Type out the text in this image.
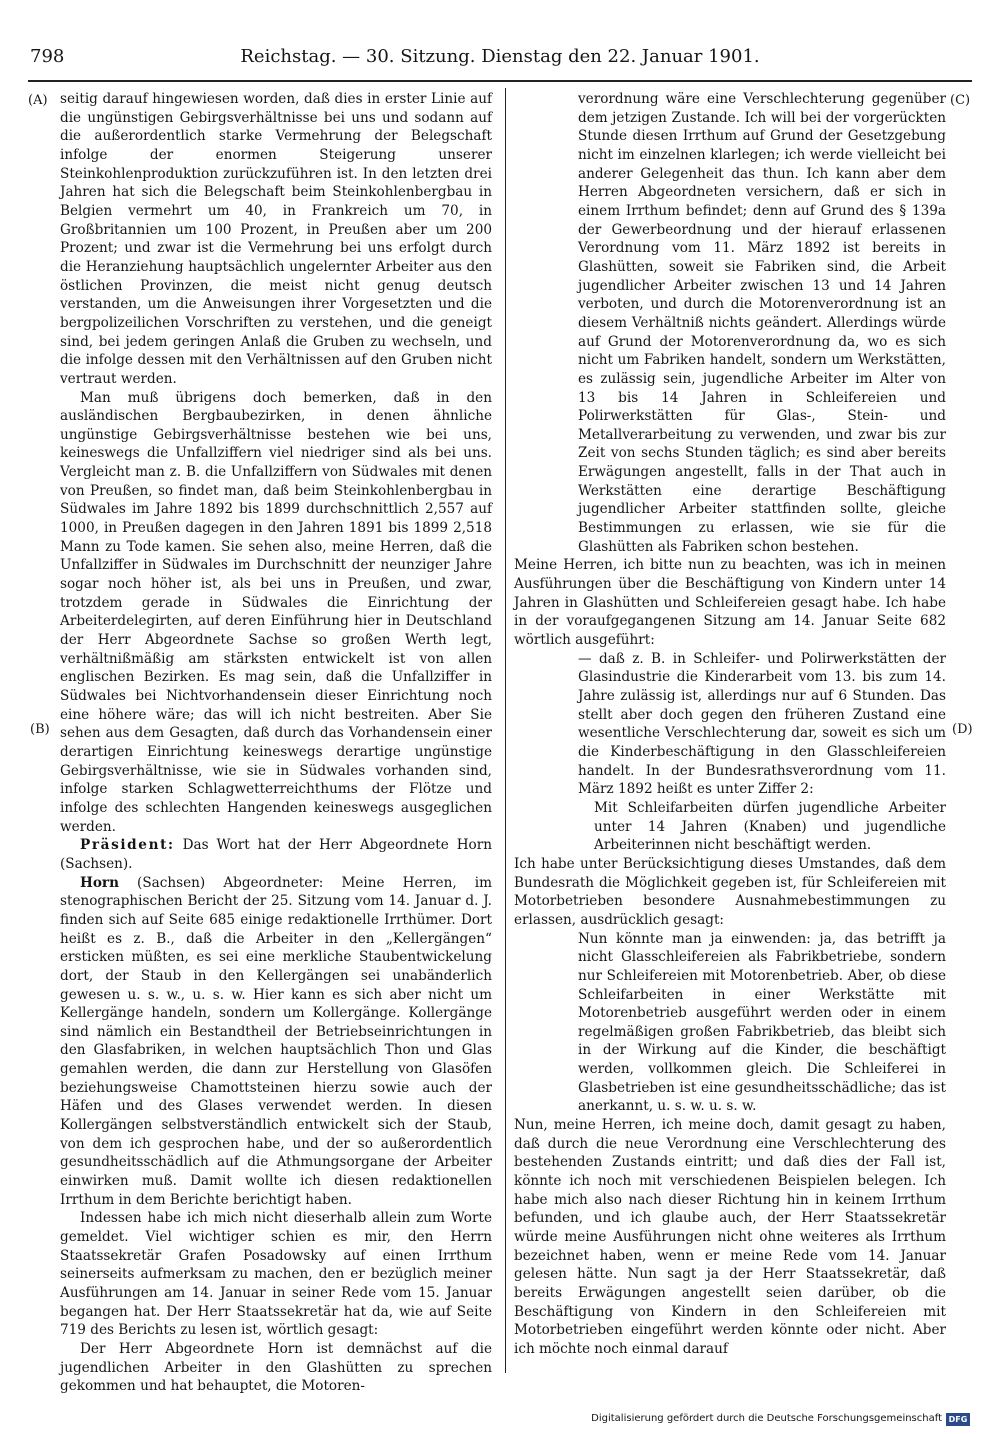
798	Reichstag. — 30. Sitzung. Dienstag den 22. Januar 1901.
(A)
(B)
(C)
(D)

seitig darauf hingewiesen worden, daß dies in erster Linie auf die ungünstigen Gebirgsverhältnisse bei uns und sodann auf die außerordentlich starke Vermehrung der Belegschaft infolge der enormen Steigerung unserer Steinkohlenproduktion zurückzuführen ist. In den letzten drei Jahren hat sich die Belegschaft beim Steinkohlenbergbau in Belgien vermehrt um 40, in Frankreich um 70, in Großbritannien um 100 Prozent, in Preußen aber um 200 Prozent; und zwar ist die Vermehrung bei uns erfolgt durch die Heranziehung hauptsächlich ungelernter Arbeiter aus den östlichen Provinzen, die meist nicht genug deutsch verstanden, um die Anweisungen ihrer Vorgesetzten und die bergpolizeilichen Vorschriften zu verstehen, und die geneigt sind, bei jedem geringen Anlaß die Gruben zu wechseln, und die infolge dessen mit den Verhältnissen auf den Gruben nicht vertraut werden.

Man muß übrigens doch bemerken, daß in den ausländischen Bergbaubezirken, in denen ähnliche ungünstige Gebirgsverhältnisse bestehen wie bei uns, keineswegs die Unfallziffern viel niedriger sind als bei uns. Vergleicht man z. B. die Unfallziffern von Südwales mit denen von Preußen, so findet man, daß beim Steinkohlenbergbau in Südwales im Jahre 1892 bis 1899 durchschnittlich 2,557 auf 1000, in Preußen dagegen in den Jahren 1891 bis 1899 2,518 Mann zu Tode kamen. Sie sehen also, meine Herren, daß die Unfallziffer in Südwales im Durchschnitt der neunziger Jahre sogar noch höher ist, als bei uns in Preußen, und zwar, trotzdem gerade in Südwales die Einrichtung der Arbeiterdelegirten, auf deren Einführung hier in Deutschland der Herr Abgeordnete Sachse so großen Werth legt, verhältnißmäßig am stärksten entwickelt ist von allen englischen Bezirken. Es mag sein, daß die Unfallziffer in Südwales bei Nichtvorhandensein dieser Einrichtung noch eine höhere wäre; das will ich nicht bestreiten. Aber Sie sehen aus dem Gesagten, daß durch das Vorhandensein einer derartigen Einrichtung keineswegs derartige ungünstige Gebirgsverhältnisse, wie sie in Südwales vorhanden sind, infolge starken Schlagwetterreichthums der Flötze und infolge des schlechten Hangenden keineswegs ausgeglichen werden.

Präsident: Das Wort hat der Herr Abgeordnete Horn (Sachsen).

Horn (Sachsen) Abgeordneter: Meine Herren, im stenographischen Bericht der 25. Sitzung vom 14. Januar d. J. finden sich auf Seite 685 einige redaktionelle Irrthümer. Dort heißt es z. B., daß die Arbeiter in den „Kellergängen“ ersticken müßten, es sei eine merkliche Staubentwickelung dort, der Staub in den Kellergängen sei unabänderlich gewesen u. s. w., u. s. w. Hier kann es sich aber nicht um Kellergänge handeln, sondern um Kollergänge. Kollergänge sind nämlich ein Bestandtheil der Betriebseinrichtungen in den Glasfabriken, in welchen hauptsächlich Thon und Glas gemahlen werden, die dann zur Herstellung von Glasöfen beziehungsweise Chamottsteinen hierzu sowie auch der Häfen und des Glases verwendet werden. In diesen Kollergängen selbstverständlich entwickelt sich der Staub, von dem ich gesprochen habe, und der so außerordentlich gesundheitsschädlich auf die Athmungsorgane der Arbeiter einwirken muß. Damit wollte ich diesen redaktionellen Irrthum in dem Berichte berichtigt haben.

Indessen habe ich mich nicht dieserhalb allein zum Worte gemeldet. Viel wichtiger schien es mir, den Herrn Staatssekretär Grafen Posadowsky auf einen Irrthum seinerseits aufmerksam zu machen, den er bezüglich meiner Ausführungen am 14. Januar in seiner Rede vom 15. Januar begangen hat. Der Herr Staatssekretär hat da, wie auf Seite 719 des Berichts zu lesen ist, wörtlich gesagt:

Der Herr Abgeordnete Horn ist demnächst auf die jugendlichen Arbeiter in den Glashütten zu sprechen gekommen und hat behauptet, die Motoren-

verordnung wäre eine Verschlechterung gegenüber dem jetzigen Zustande. Ich will bei der vorgerückten Stunde diesen Irrthum auf Grund der Gesetzgebung nicht im einzelnen klarlegen; ich werde vielleicht bei anderer Gelegenheit das thun. Ich kann aber dem Herren Abgeordneten versichern, daß er sich in einem Irrthum befindet; denn auf Grund des § 139a der Gewerbeordnung und der hierauf erlassenen Verordnung vom 11. März 1892 ist bereits in Glashütten, soweit sie Fabriken sind, die Arbeit jugendlicher Arbeiter zwischen 13 und 14 Jahren verboten, und durch die Motorenverordnung ist an diesem Verhältniß nichts geändert. Allerdings würde auf Grund der Motorenverordnung da, wo es sich nicht um Fabriken handelt, sondern um Werkstätten, es zulässig sein, jugendliche Arbeiter im Alter von 13 bis 14 Jahren in Schleifereien und Polirwerkstätten für Glas-, Stein- und Metallverarbeitung zu verwenden, und zwar bis zur Zeit von sechs Stunden täglich; es sind aber bereits Erwägungen angestellt, falls in der That auch in Werkstätten eine derartige Beschäftigung jugendlicher Arbeiter stattfinden sollte, gleiche Bestimmungen zu erlassen, wie sie für die Glashütten als Fabriken schon bestehen.

Meine Herren, ich bitte nun zu beachten, was ich in meinen Ausführungen über die Beschäftigung von Kindern unter 14 Jahren in Glashütten und Schleifereien gesagt habe. Ich habe in der voraufgegangenen Sitzung am 14. Januar Seite 682 wörtlich ausgeführt:

— daß z. B. in Schleifer- und Polirwerkstätten der Glasindustrie die Kinderarbeit vom 13. bis zum 14. Jahre zulässig ist, allerdings nur auf 6 Stunden. Das stellt aber doch gegen den früheren Zustand eine wesentliche Verschlechterung dar, soweit es sich um die Kinderbeschäftigung in den Glasschleifereien handelt. In der Bundesrathsverordnung vom 11. März 1892 heißt es unter Ziffer 2:

Mit Schleifarbeiten dürfen jugendliche Arbeiter unter 14 Jahren (Knaben) und jugendliche Arbeiterinnen nicht beschäftigt werden.

Ich habe unter Berücksichtigung dieses Umstandes, daß dem Bundesrath die Möglichkeit gegeben ist, für Schleifereien mit Motorbetrieben besondere Ausnahmebestimmungen zu erlassen, ausdrücklich gesagt:

Nun könnte man ja einwenden: ja, das betrifft ja nicht Glasschleifereien als Fabrikbetriebe, sondern nur Schleifereien mit Motorenbetrieb. Aber, ob diese Schleifarbeiten in einer Werkstätte mit Motorenbetrieb ausgeführt werden oder in einem regelmäßigen großen Fabrikbetrieb, das bleibt sich in der Wirkung auf die Kinder, die beschäftigt werden, vollkommen gleich. Die Schleiferei in Glasbetrieben ist eine gesundheitsschädliche; das ist anerkannt, u. s. w. u. s. w.

Nun, meine Herren, ich meine doch, damit gesagt zu haben, daß durch die neue Verordnung eine Verschlechterung des bestehenden Zustands eintritt; und daß dies der Fall ist, könnte ich noch mit verschiedenen Beispielen belegen. Ich habe mich also nach dieser Richtung hin in keinem Irrthum befunden, und ich glaube auch, der Herr Staatssekretär würde meine Ausführungen nicht ohne weiteres als Irrthum bezeichnet haben, wenn er meine Rede vom 14. Januar gelesen hätte. Nun sagt ja der Herr Staatssekretär, daß bereits Erwägungen angestellt seien darüber, ob die Beschäftigung von Kindern in den Schleifereien mit Motorbetrieben eingeführt werden könnte oder nicht. Aber ich möchte noch einmal darauf

Digitalisierung gefördert durch die Deutsche Forschungsgemeinschaft DFG
